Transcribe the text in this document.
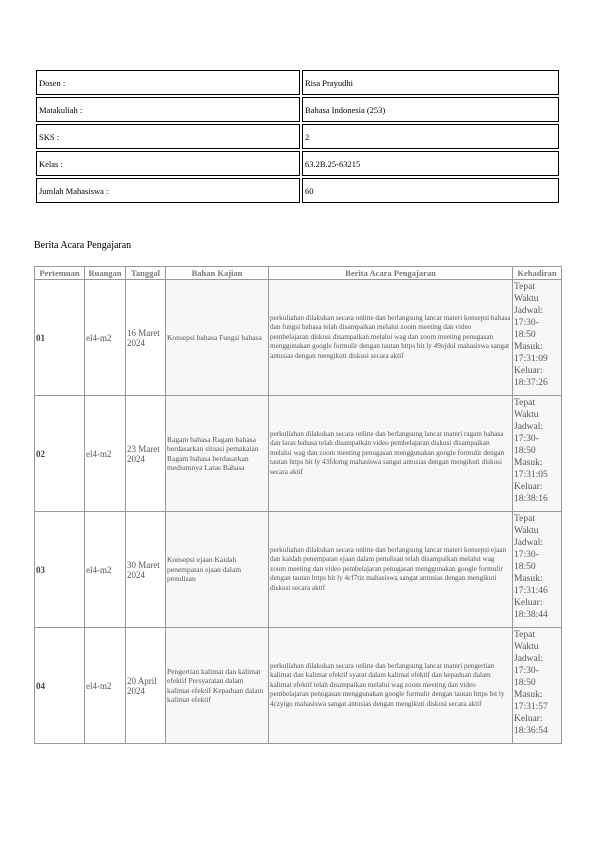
Dosen :	Risa Prayudhi
Matakuliah :	Bahasa Indonesia (253)
SKS :	2
Kelas :	63.2B.25-63215
Jumlah Mahasiswa :	60
Berita Acara Pengajaran
Pertemuan	Ruangan	Tanggal	Bahan Kajian	Berita Acara Pengajaran	Kehadiran
01	el4-m2	16 Maret 2024	Konsepsi bahasa Fungsi bahasa	perkuliahan dilakukan secara online dan berlangsung lancar materi konsepsi bahasa dan fungsi bahasa telah disampaikan melalui zoom meeting dan video pembelajaran diskusi disampaikan melalui wag dan zoom meeting penugasan menggunakan google formulir dengan tautan https bit ly 49ojdol mahasiswa sangat antusias dengan mengikuti diskusi secara aktif	Tepat Waktu Jadwal: 17:30-18:50 Masuk: 17:31:09 Keluar: 18:37:26
02	el4-m2	23 Maret 2024	Ragam bahasa Ragam bahasa berdasarkan situasi pemakaian Ragam bahasa berdasarkan mediumnya Laras Bahasa	perkuliahan dilakukan secara online dan berlangsung lancar materi ragam bahasa dan laras bahasa telah disampaikan video pembelajaran diskusi disampaikan melalui wag dan zoom meeting penugasan menggunakan google formulir dengan tautan https bit ly 43fdomg mahasiswa sangat antusias dengan mengikuti diskusi secara aktif	Tepat Waktu Jadwal: 17:30-18:50 Masuk: 17:31:05 Keluar: 18:38:16
03	el4-m2	30 Maret 2024	Konsepsi ejaan Kaidah penempatan ejaan dalam penulisan	perkuliahan dilakukan secara online dan berlangsung lancar materi konsepsi ejaan dan kaidah penempatan ejaan dalam penulisan telah disampaikan melalui wag zoom meeting dan video pembelajaran penugasan menggunakan google formulir dengan tautan https bit ly 4cf7tiz mahasiswa sangat antusias dengan mengikuti diskusi secara aktif	Tepat Waktu Jadwal: 17:30-18:50 Masuk: 17:31:46 Keluar: 18:38:44
04	el4-m2	20 April 2024	Pengertian kalimat dan kalimat efektif Persyaratan dalam kalimat efektif Kepaduan dalam kalimat efektif	perkuliahan dilakukan secara online dan berlangsung lancar materi pengertian kalimat dan kalimat efektif syarat dalam kalimat efektif dan kepaduan dalam kalimat efektif telah disampaikan melalui wag zoom meeting dan video pembelajaran penugasan menggunakan google formulir dengan tautan https bit ly 4czyigo mahasiswa sangat antusias dengan mengikuti diskusi secara aktif	Tepat Waktu Jadwal: 17:30-18:50 Masuk: 17:31:57 Keluar: 18:36:54
